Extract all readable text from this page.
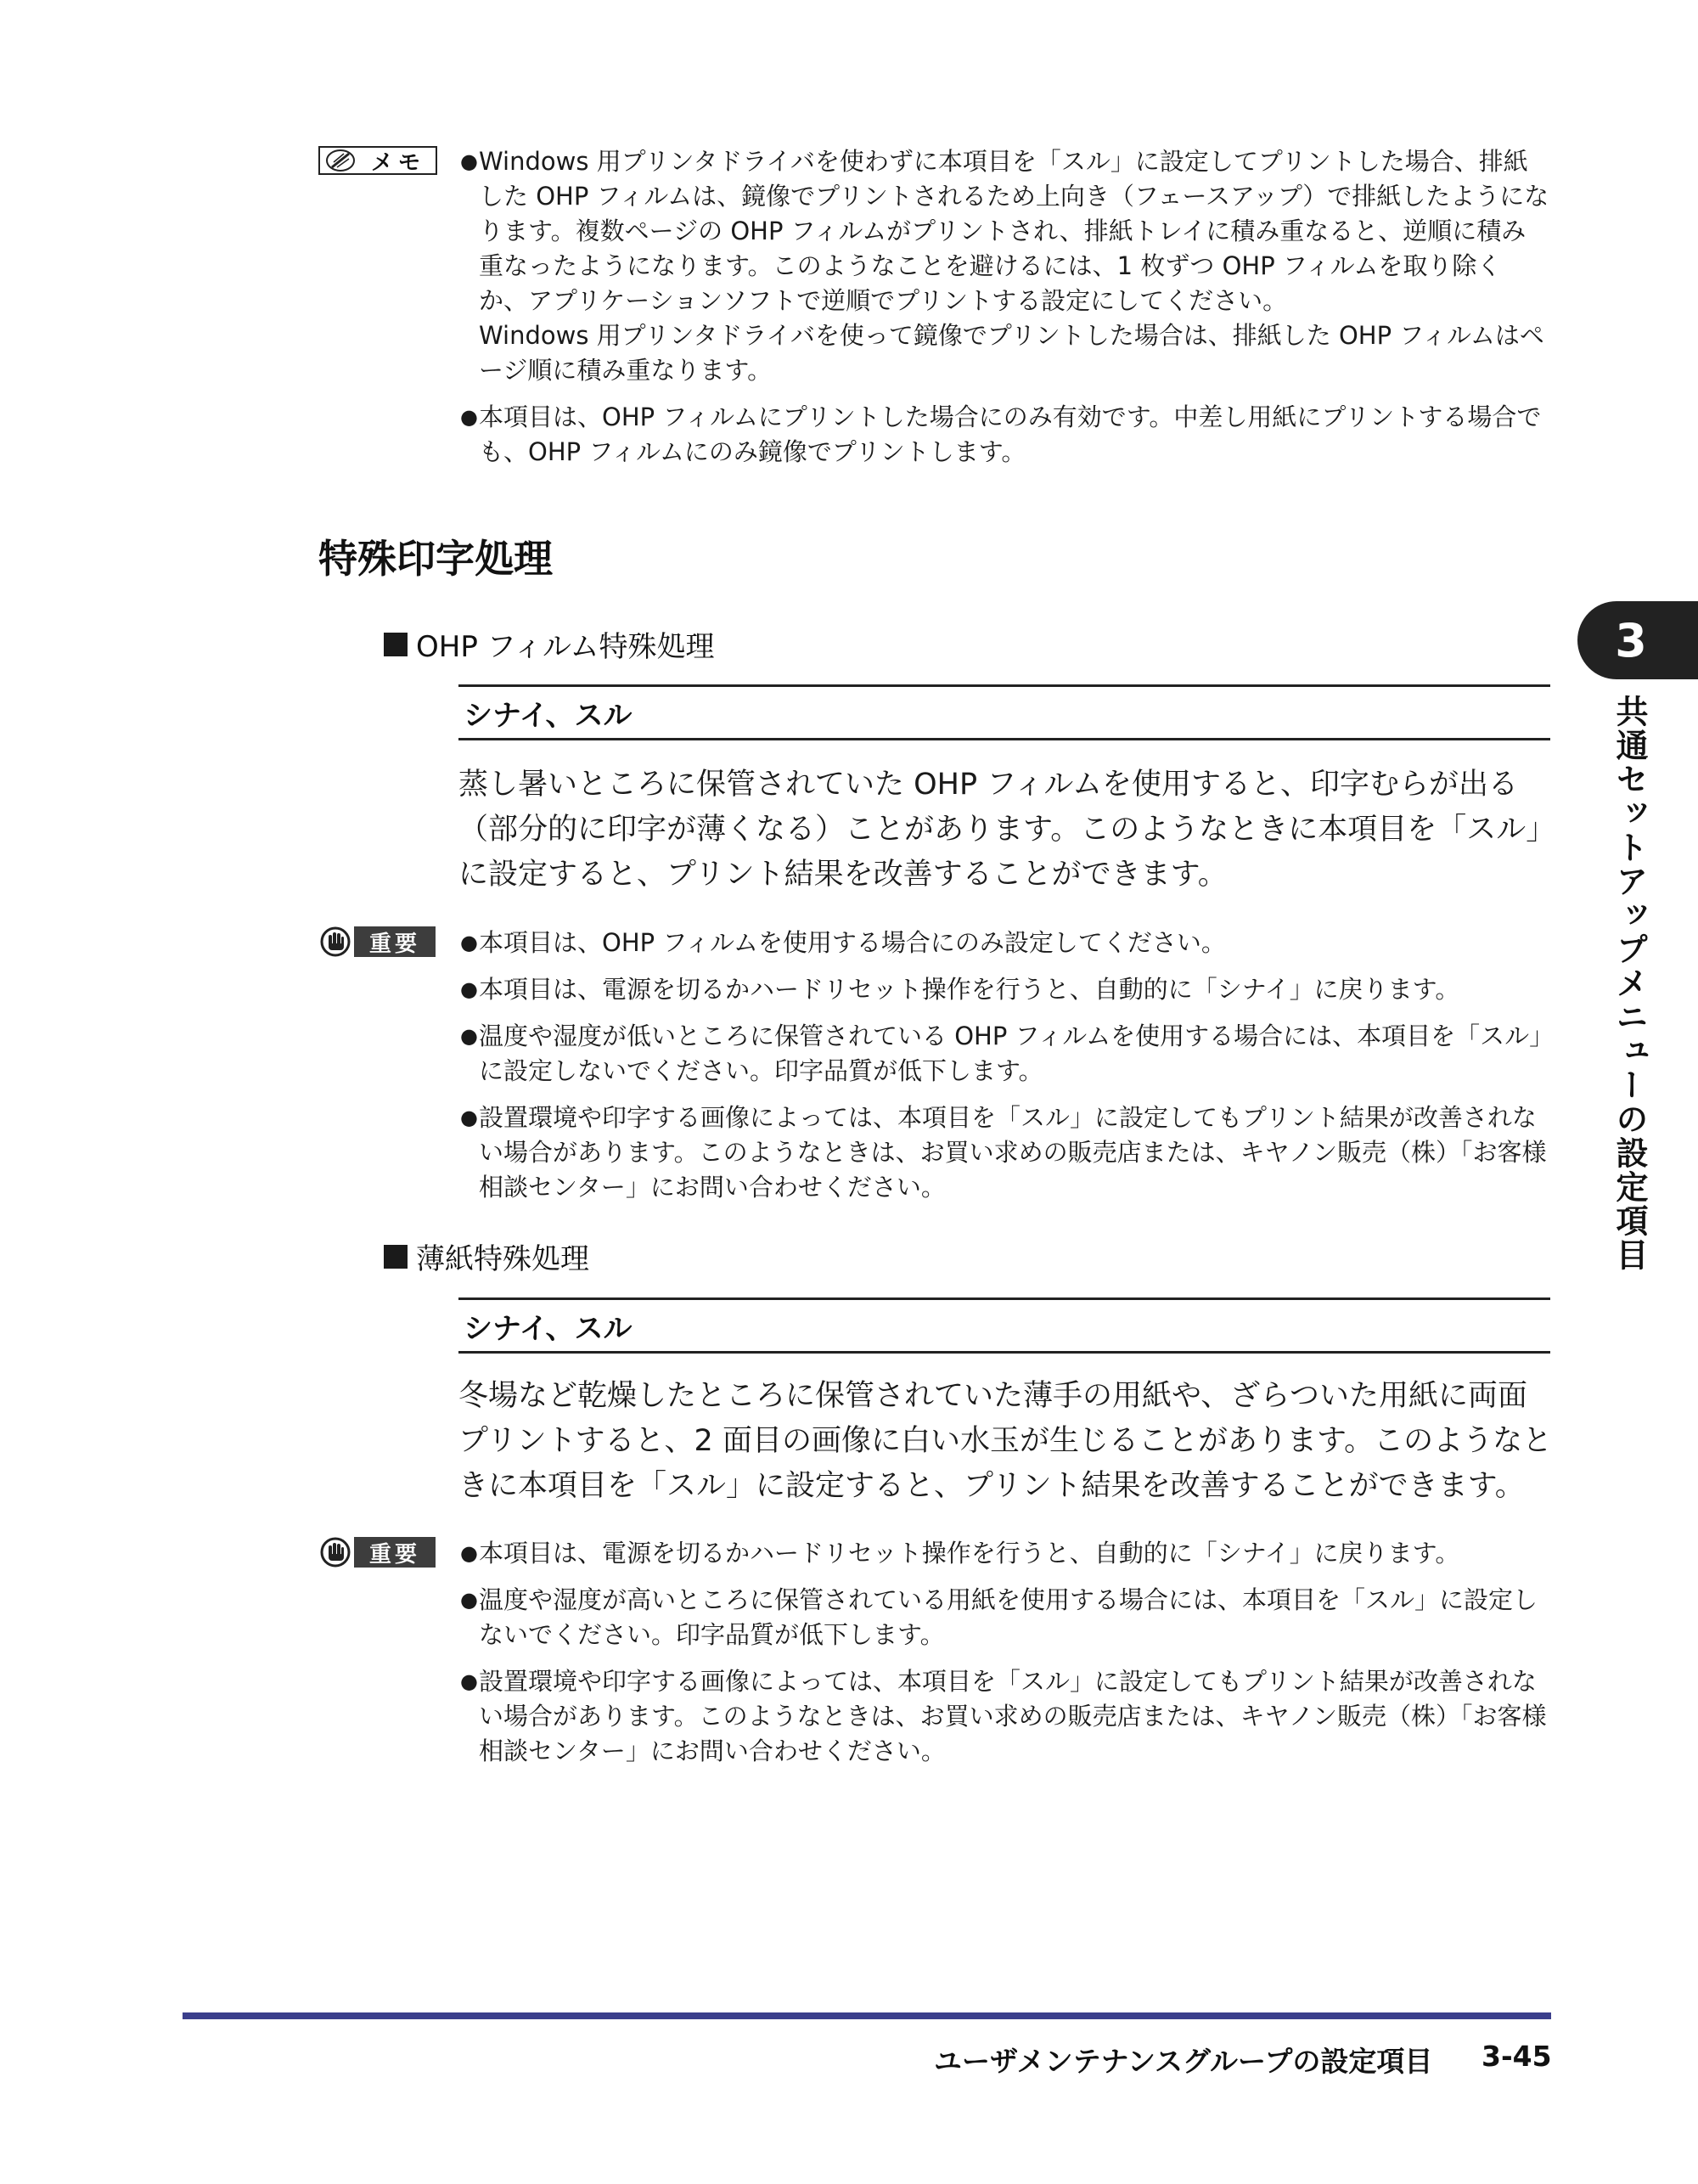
メモ	● Windows 用プリンタドライバを使わずに本項目を「スル」に設定してプリントした場合、排紙した OHP フィルムは、鏡像でプリントされるため上向き（フェースアップ）で排紙したようになります。複数ページの OHP フィルムがプリントされ、排紙トレイに積み重なると、逆順に積み重なったようになります。このようなことを避けるには、1 枚ずつ OHP フィルムを取り除くか、アプリケーションソフトで逆順でプリントする設定にしてください。

Windows 用プリンタドライバを使って鏡像でプリントした場合は、排紙した OHP フィルムはページ順に積み重なります。

● 本項目は、OHP フィルムにプリントした場合にのみ有効です。中差し用紙にプリントする場合でも、OHP フィルムにのみ鏡像でプリントします。

特殊印字処理
OHP フィルム特殊処理
シナイ、スル
蒸し暑いところに保管されていた OHP フィルムを使用すると、印字むらが出る（部分的に印字が薄くなる）ことがあります。このようなときに本項目を「スル」に設定すると、プリント結果を改善することができます。
重要	● 本項目は、OHP フィルムを使用する場合にのみ設定してください。

● 本項目は、電源を切るかハードリセット操作を行うと、自動的に「シナイ」に戻ります。

● 温度や湿度が低いところに保管されている OHP フィルムを使用する場合には、本項目を「スル」に設定しないでください。印字品質が低下します。

● 設置環境や印字する画像によっては、本項目を「スル」に設定してもプリント結果が改善されない場合があります。このようなときは、お買い求めの販売店または、キヤノン販売（株）「お客様相談センター」にお問い合わせください。

薄紙特殊処理
シナイ、スル
冬場など乾燥したところに保管されていた薄手の用紙や、ざらついた用紙に両面プリントすると、2 面目の画像に白い水玉が生じることがあります。このようなときに本項目を「スル」に設定すると、プリント結果を改善することができます。
重要	● 本項目は、電源を切るかハードリセット操作を行うと、自動的に「シナイ」に戻ります。

● 温度や湿度が高いところに保管されている用紙を使用する場合には、本項目を「スル」に設定しないでください。印字品質が低下します。

● 設置環境や印字する画像によっては、本項目を「スル」に設定してもプリント結果が改善されない場合があります。このようなときは、お買い求めの販売店または、キヤノン販売（株）「お客様相談センター」にお問い合わせください。

3
共通セットアップメニューの設定項目
ユーザメンテナンスグループの設定項目 3-45
